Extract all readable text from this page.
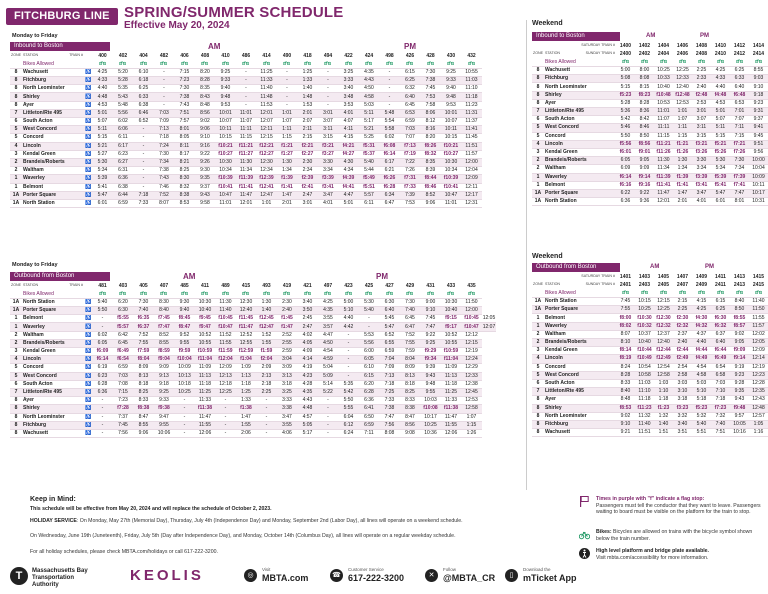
FITCHBURG LINE SPRING/SUMMER SCHEDULE
Effective May 20, 2024
Monday to Friday
Inbound to Boston	AM	PM
ZONE	STATION TRAIN #		400	402	404	482	406	408	410	486	414	490	418	494	422	424	498	426	428	430	432
	Bikes Allowed																				
8	Wachusett	♿	4:25	5:20	6:10	-	7:15	8:20	9:25	-	11:25	-	1:25	-	3:25	4:35	-	6:15	7:30	9:25	10:55
8	Fitchburg	♿	4:33	5:28	6:18	-	7:23	8:28	9:33	-	11:33	-	1:33	-	3:33	4:43	-	6:25	7:38	9:33	11:03
8	North Leominster	♿	4:40	5:35	6:25	-	7:30	8:35	9:40	-	11:40	-	1:40	-	3:40	4:50	-	6:32	7:45	9:40	11:10
8	Shirley	♿	4:48	5:43	6:33	-	7:38	8:43	9:48	-	11:48	-	1:48	-	3:48	4:58	-	6:40	7:53	9:48	11:18
8	Ayer	♿	4:53	5:48	6:38	-	7:43	8:48	9:53	-	11:53	-	1:53	-	3:53	5:03	-	6:45	7:58	9:53	11:23
7	Littleton/Rte 495	♿	5:01	5:56	6:46	7:03	7:51	8:56	10:01	11:01	12:01	1:01	2:01	3:01	4:01	5:11	5:48	6:53	8:06	10:01	11:31
6	South Acton	♿	5:07	6:02	6:52	7:09	7:57	9:02	10:07	11:07	12:07	1:07	2:07	3:07	4:07	5:17	5:54	6:59	8:12	10:07	11:37
5	West Concord	♿	5:11	6:06	-	7:13	8:01	9:06	10:11	11:11	12:11	1:11	2:11	3:11	4:11	5:21	5:58	7:03	8:16	10:11	11:41
5	Concord	♿	5:15	6:11	-	7:18	8:05	9:10	10:15	11:15	12:15	1:15	2:15	3:15	4:15	5:25	6:02	7:07	8:20	10:15	11:45
4	Lincoln	♿	5:21	6:17	-	7:24	8:11	9:16	f10:21	f11:21	f12:21	f1:21	f2:21	f3:21	f4:21	f5:31	f6:08	f7:13	f8:26	f10:21	11:51
3	Kendal Green	♿	5:27	6:23	-	7:30	8:17	9:22	f10:27	f11:27	f12:27	f1:27	f2:27	f3:27	f4:27	f5:37	f6:14	f7:19	f8:32	f10:27	11:57
2	Brandeis/Roberts	♿	5:30	6:27	-	7:34	8:21	9:26	10:30	11:30	12:30	1:30	2:30	3:30	4:30	5:40	6:17	7:22	8:35	10:30	12:00
2	Waltham	♿	5:34	6:31	-	7:38	8:25	9:30	10:34	11:34	12:34	1:34	2:34	3:34	4:34	5:44	6:21	7:26	8:39	10:34	12:04
1	Waverley	♿	5:39	6:36	-	7:43	8:30	9:35	f10:39	f11:39	f12:39	f1:39	f2:39	f3:39	f4:39	f5:49	f6:26	f7:31	f8:44	f10:39	12:09
1	Belmont	♿	5:41	6:38	-	7:46	8:32	9:37	f10:41	f11:41	f12:41	f1:41	f2:41	f3:41	f4:41	f5:51	f6:28	f7:33	f8:46	f10:41	12:11
1A	Porter Square	♿	5:47	6:44	7:18	7:52	8:38	9:43	10:47	11:47	12:47	1:47	2:47	3:47	4:47	5:57	6:34	7:39	8:52	10:47	12:17
1A	North Station	♿	6:01	6:59	7:33	8:07	8:53	9:58	11:01	12:01	1:01	2:01	3:01	4:01	5:01	6:11	6:47	7:53	9:06	11:01	12:31
Monday to Friday
Outbound from Boston	AM	PM
ZONE	STATION TRAIN #		481	403	405	407	485	411	489	415	493	419	421	497	423	425	427	429	431	433	435	
	Bikes Allowed																				
1A	North Station	♿	5:40	6:20	7:30	8:30	9:30	10:30	11:30	12:30	1:30	2:30	3:40	4:25	5:00	5:30	6:30	7:30	9:00	10:30	11:50	
1A	Porter Square	♿	5:50	6:30	7:40	8:40	9:40	10:40	11:40	12:40	1:40	2:40	3:50	4:35	5:10	5:40	6:40	7:40	9:10	10:40	12:00	
1	Belmont	♿	-	f5:55	f6:35	f7:45	f8:45	f9:45	f10:45	f11:45	f12:45	f1:45	2:45	3:55	4:40	-	5:45	6:45	7:45	f9:15	f10:45	12:05
1	Waverley	♿	-	f5:57	f6:37	f7:47	f8:47	f9:47	f10:47	f11:47	f12:47	f1:47	2:47	3:57	4:42	-	5:47	6:47	7:47	f9:17	f10:47	12:07
2	Waltham	♿	6:02	6:42	7:52	8:52	9:52	10:52	11:52	12:52	1:52	2:52	4:02	4:47	-	5:53	6:52	7:52	9:22	10:52	12:12	
2	Brandeis/Roberts	♿	6:05	6:45	7:55	8:55	9:55	10:55	11:55	12:55	1:55	2:55	4:05	4:50	-	5:56	6:55	7:55	9:25	10:55	12:15	
3	Kendal Green	♿	f6:09	f6:49	f7:59	f8:59	f9:59	f10:59	f11:59	f12:59	f1:59	2:59	4:09	4:54	-	6:00	6:59	7:59	f9:29	f10:59	12:19	
4	Lincoln	♿	f6:14	f6:54	f8:04	f9:04	f10:04	f11:04	f12:04	f1:04	f2:04	3:04	4:14	4:59	-	6:05	7:04	8:04	f9:34	f11:04	12:24	
5	Concord	♿	6:19	6:59	8:09	9:09	10:09	11:09	12:09	1:09	2:09	3:09	4:19	5:04	-	6:10	7:09	8:09	9:39	11:09	12:29	
5	West Concord	♿	6:23	7:03	8:13	9:13	10:13	11:13	12:13	1:13	2:13	3:13	4:23	5:09	-	6:15	7:13	8:13	9:43	11:13	12:33	
6	South Acton	♿	6:28	7:08	8:18	9:18	10:18	11:18	12:18	1:18	2:18	3:18	4:28	5:14	5:35	6:20	7:18	8:18	9:48	11:18	12:38	
7	Littleton/Rte 495	♿	6:36	7:15	8:25	9:25	10:25	11:25	12:25	1:25	2:25	3:25	4:35	5:22	5:42	6:28	7:25	8:25	9:55	11:25	12:45	
8	Ayer	♿	-	7:23	8:33	9:33	-	11:33	-	1:33	-	3:33	4:43	-	5:50	6:36	7:33	8:33	10:03	11:33	12:53	
8	Shirley	♿	-	f7:28	f8:38	f9:38	-	f11:38	-	f1:38	-	3:38	4:48	-	5:55	6:41	7:38	8:38	f10:08	f11:38	12:58	
8	North Leominster	♿	-	7:37	8:47	9:47	-	11:47	-	1:47	-	3:47	4:57	-	6:04	6:50	7:47	8:47	10:17	11:47	1:07	
8	Fitchburg	♿	-	7:45	8:55	9:55	-	11:55	-	1:55	-	3:55	5:05	-	6:12	6:59	7:56	8:56	10:25	11:55	1:15	
8	Wachusett	♿	-	7:56	9:06	10:06	-	12:06	-	2:06	-	4:06	5:17	-	6:24	7:11	8:08	9:08	10:36	12:06	1:26	
Weekend
Inbound to Boston	AM	PM
	SATURDAY TRAIN #	1400	1402	1404	1406	1408	1410	1412	1414
ZONE	STATION SUNDAY TRAIN #	2400	2402	2404	2406	2408	2410	2412	2414
	Bikes Allowed								
8	Wachusett	5:00	8:00	10:25	12:25	2:25	4:25	6:25	8:55
8	Fitchburg	5:08	8:08	10:33	12:33	2:33	4:33	6:33	9:03
8	North Leominster	5:15	8:15	10:40	12:40	2:40	4:40	6:40	9:10
8	Shirley	f5:23	f8:23	f10:48	f12:48	f2:48	f4:48	f6:48	9:18
8	Ayer	5:28	8:28	10:53	12:53	2:53	4:53	6:53	9:23
7	Littleton/Rte 495	5:36	8:36	11:01	1:01	3:01	5:01	7:01	9:31
6	South Acton	5:42	8:42	11:07	1:07	3:07	5:07	7:07	9:37
5	West Concord	5:46	8:46	11:11	1:11	3:11	5:11	7:11	9:41
5	Concord	5:50	8:50	11:15	1:15	3:15	5:15	7:15	9:45
4	Lincoln	f5:56	f8:56	f11:21	f1:21	f3:21	f5:21	f7:21	9:51
3	Kendal Green	f6:01	f9:01	f11:26	f1:26	f3:26	f5:26	f7:26	9:56
2	Brandeis/Roberts	6:05	9:05	11:30	1:30	3:30	5:30	7:30	10:00
2	Waltham	6:09	9:09	11:34	1:34	3:34	5:34	7:34	10:04
1	Waverley	f6:14	f9:14	f11:39	f1:39	f3:39	f5:39	f7:39	10:09
1	Belmont	f6:16	f9:16	f11:41	f1:41	f3:41	f5:41	f7:41	10:11
1A	Porter Square	6:22	9:22	11:47	1:47	3:47	5:47	7:47	10:17
1A	North Station	6:36	9:36	12:01	2:01	4:01	6:01	8:01	10:31
Weekend
Outbound from Boston	AM	PM
	SATURDAY TRAIN #	1401	1403	1405	1407	1409	1411	1413	1415
ZONE	STATION SUNDAY TRAIN #	2401	2403	2405	2407	2409	2411	2413	2415
	Bikes Allowed								
1A	North Station	7:45	10:15	12:15	2:15	4:15	6:15	8:40	11:40
1A	Porter Square	7:55	10:25	12:25	2:25	4:25	6:25	8:50	11:50
1	Belmont	f8:00	f10:30	f12:30	f2:30	f4:30	f6:30	f8:55	11:55
1	Waverley	f8:02	f10:32	f12:32	f2:32	f4:32	f6:32	f8:57	11:57
2	Waltham	8:07	10:37	12:37	2:37	4:37	6:37	9:02	12:02
2	Brandeis/Roberts	8:10	10:40	12:40	2:40	4:40	6:40	9:05	12:05
3	Kendal Green	f8:14	f10:44	f12:44	f2:44	f4:44	f6:44	f9:09	12:09
4	Lincoln	f8:19	f10:49	f12:49	f2:49	f4:49	f6:49	f9:14	12:14
5	Concord	8:24	10:54	12:54	2:54	4:54	6:54	9:19	12:19
5	West Concord	8:28	10:58	12:58	2:58	4:58	6:58	9:23	12:23
6	South Acton	8:33	11:03	1:03	3:03	5:03	7:03	9:28	12:28
7	Littleton/Rte 495	8:40	11:10	1:10	3:10	5:10	7:10	9:35	12:35
8	Ayer	8:48	11:18	1:18	3:18	5:18	7:18	9:43	12:43
8	Shirley	f8:53	f11:23	f1:23	f3:23	f5:23	f7:23	f9:48	12:48
8	North Leominster	9:02	11:32	1:32	3:32	5:32	7:32	9:57	12:57
8	Fitchburg	9:10	11:40	1:40	3:40	5:40	7:40	10:05	1:05
8	Wachusett	9:21	11:51	1:51	3:51	5:51	7:51	10:16	1:16
Keep in Mind:
This schedule will be effective from May 20, 2024 and will replace the schedule of October 2, 2023.
HOLIDAY SERVICE: On Monday, May 27th (Memorial Day), Thursday, July 4th (Independence Day) and Monday, September 2nd (Labor Day), all lines will operate on a weekend schedule.
On Wednesday, June 19th (Juneteenth), Friday, July 5th (Day after Independence Day), and Monday, October 14th (Columbus Day), all lines will operate on a regular weekday schedule.
For all holiday schedules, please check MBTA.com/holidays or call 617-222-3200.
Times in purple with "f" indicate a flag stop:
Passengers must tell the conductor that they want to leave. Passengers waiting to board must be visible on the platform for the train to stop.
Bikes: Bicycles are allowed on trains with the bicycle symbol shown below the train number.
High level platform and bridge plate available.
Visit mbta.com/accessibility for more information.
T	Massachusetts Bay Transportation Authority
KEOLIS	◎
Visit
MBTA.com	☎
Customer Service
617-222-3200	✕
Follow
@MBTA_CR	▯
Download the
mTicket App
